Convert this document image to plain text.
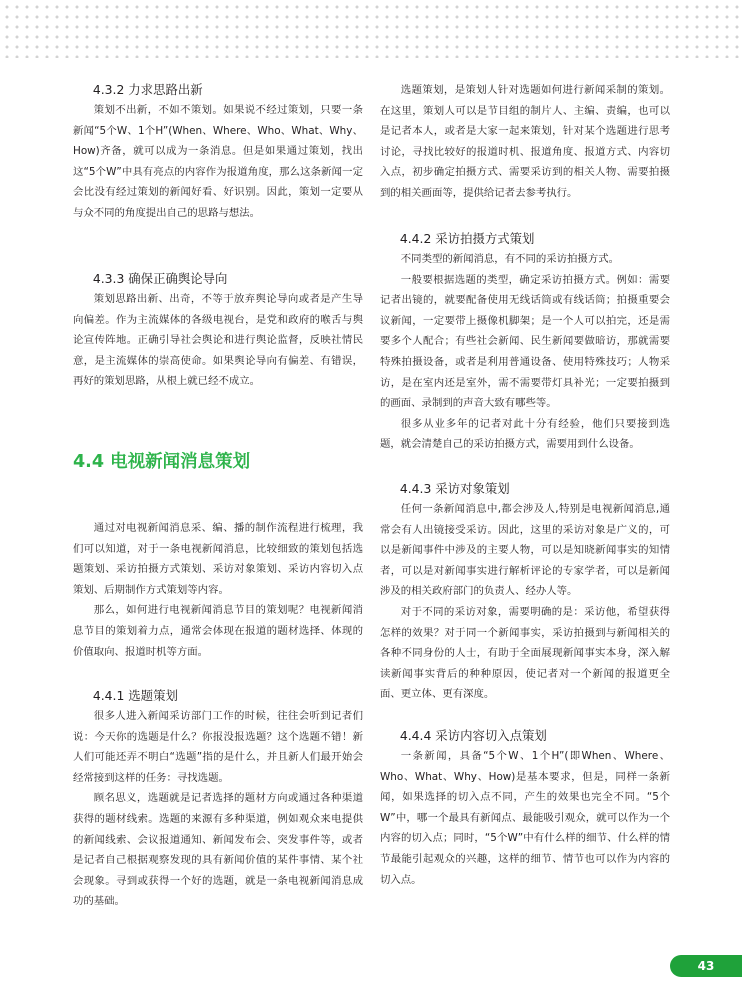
4.3.2 力求思路出新

策划不出新，不如不策划。如果说不经过策划，只要一条新闻“5个W、1个H”(When、Where、Who、What、Why、How)齐备，就可以成为一条消息。但是如果通过策划，找出这“5个W”中具有亮点的内容作为报道角度，那么这条新闻一定会比没有经过策划的新闻好看、好识别。因此，策划一定要从与众不同的角度提出自己的思路与想法。

4.3.3 确保正确舆论导向

策划思路出新、出奇，不等于放弃舆论导向或者是产生导向偏差。作为主流媒体的各级电视台，是党和政府的喉舌与舆论宣传阵地。正确引导社会舆论和进行舆论监督，反映社情民意，是主流媒体的崇高使命。如果舆论导向有偏差、有错误，再好的策划思路，从根上就已经不成立。

4.4 电视新闻消息策划

通过对电视新闻消息采、编、播的制作流程进行梳理，我们可以知道，对于一条电视新闻消息，比较细致的策划包括选题策划、采访拍摄方式策划、采访对象策划、采访内容切入点策划、后期制作方式策划等内容。

那么，如何进行电视新闻消息节目的策划呢？电视新闻消息节目的策划着力点，通常会体现在报道的题材选择、体现的价值取向、报道时机等方面。

4.4.1 选题策划

很多人进入新闻采访部门工作的时候，往往会听到记者们说：今天你的选题是什么？你报没报选题？这个选题不错！新人们可能还弄不明白“选题”指的是什么，并且新人们最开始会经常接到这样的任务：寻找选题。

顾名思义，选题就是记者选择的题材方向或通过各种渠道获得的题材线索。选题的来源有多种渠道，例如观众来电提供的新闻线索、会议报道通知、新闻发布会、突发事件等，或者是记者自己根据观察发现的具有新闻价值的某件事情、某个社会现象。寻到或获得一个好的选题，就是一条电视新闻消息成功的基础。

选题策划，是策划人针对选题如何进行新闻采制的策划。在这里，策划人可以是节目组的制片人、主编、责编，也可以是记者本人，或者是大家一起来策划，针对某个选题进行思考讨论，寻找比较好的报道时机、报道角度、报道方式、内容切入点，初步确定拍摄方式、需要采访到的相关人物、需要拍摄到的相关画面等，提供给记者去参考执行。

4.4.2 采访拍摄方式策划

不同类型的新闻消息，有不同的采访拍摄方式。

一般要根据选题的类型，确定采访拍摄方式。例如：需要记者出镜的，就要配备使用无线话筒或有线话筒；拍摄重要会议新闻，一定要带上摄像机脚架；是一个人可以拍完，还是需要多个人配合；有些社会新闻、民生新闻要做暗访，那就需要特殊拍摄设备，或者是利用普通设备、使用特殊技巧；人物采访，是在室内还是室外，需不需要带灯具补光；一定要拍摄到的画面、录制到的声音大致有哪些等。

很多从业多年的记者对此十分有经验，他们只要接到选题，就会清楚自己的采访拍摄方式，需要用到什么设备。

4.4.3 采访对象策划

任何一条新闻消息中,都会涉及人,特别是电视新闻消息,通常会有人出镜接受采访。因此，这里的采访对象是广义的，可以是新闻事件中涉及的主要人物，可以是知晓新闻事实的知情者，可以是对新闻事实进行解析评论的专家学者，可以是新闻涉及的相关政府部门的负责人、经办人等。

对于不同的采访对象，需要明确的是：采访他，希望获得怎样的效果？对于同一个新闻事实，采访拍摄到与新闻相关的各种不同身份的人士，有助于全面展现新闻事实本身，深入解读新闻事实背后的种种原因，使记者对一个新闻的报道更全面、更立体、更有深度。

4.4.4 采访内容切入点策划

一条新闻，具备“5个W、1个H”(即When、Where、Who、What、Why、How)是基本要求，但是，同样一条新闻，如果选择的切入点不同，产生的效果也完全不同。“5个W”中，哪一个最具有新闻点、最能吸引观众，就可以作为一个内容的切入点；同时，“5个W”中有什么样的细节、什么样的情节最能引起观众的兴趣，这样的细节、情节也可以作为内容的切入点。

43
